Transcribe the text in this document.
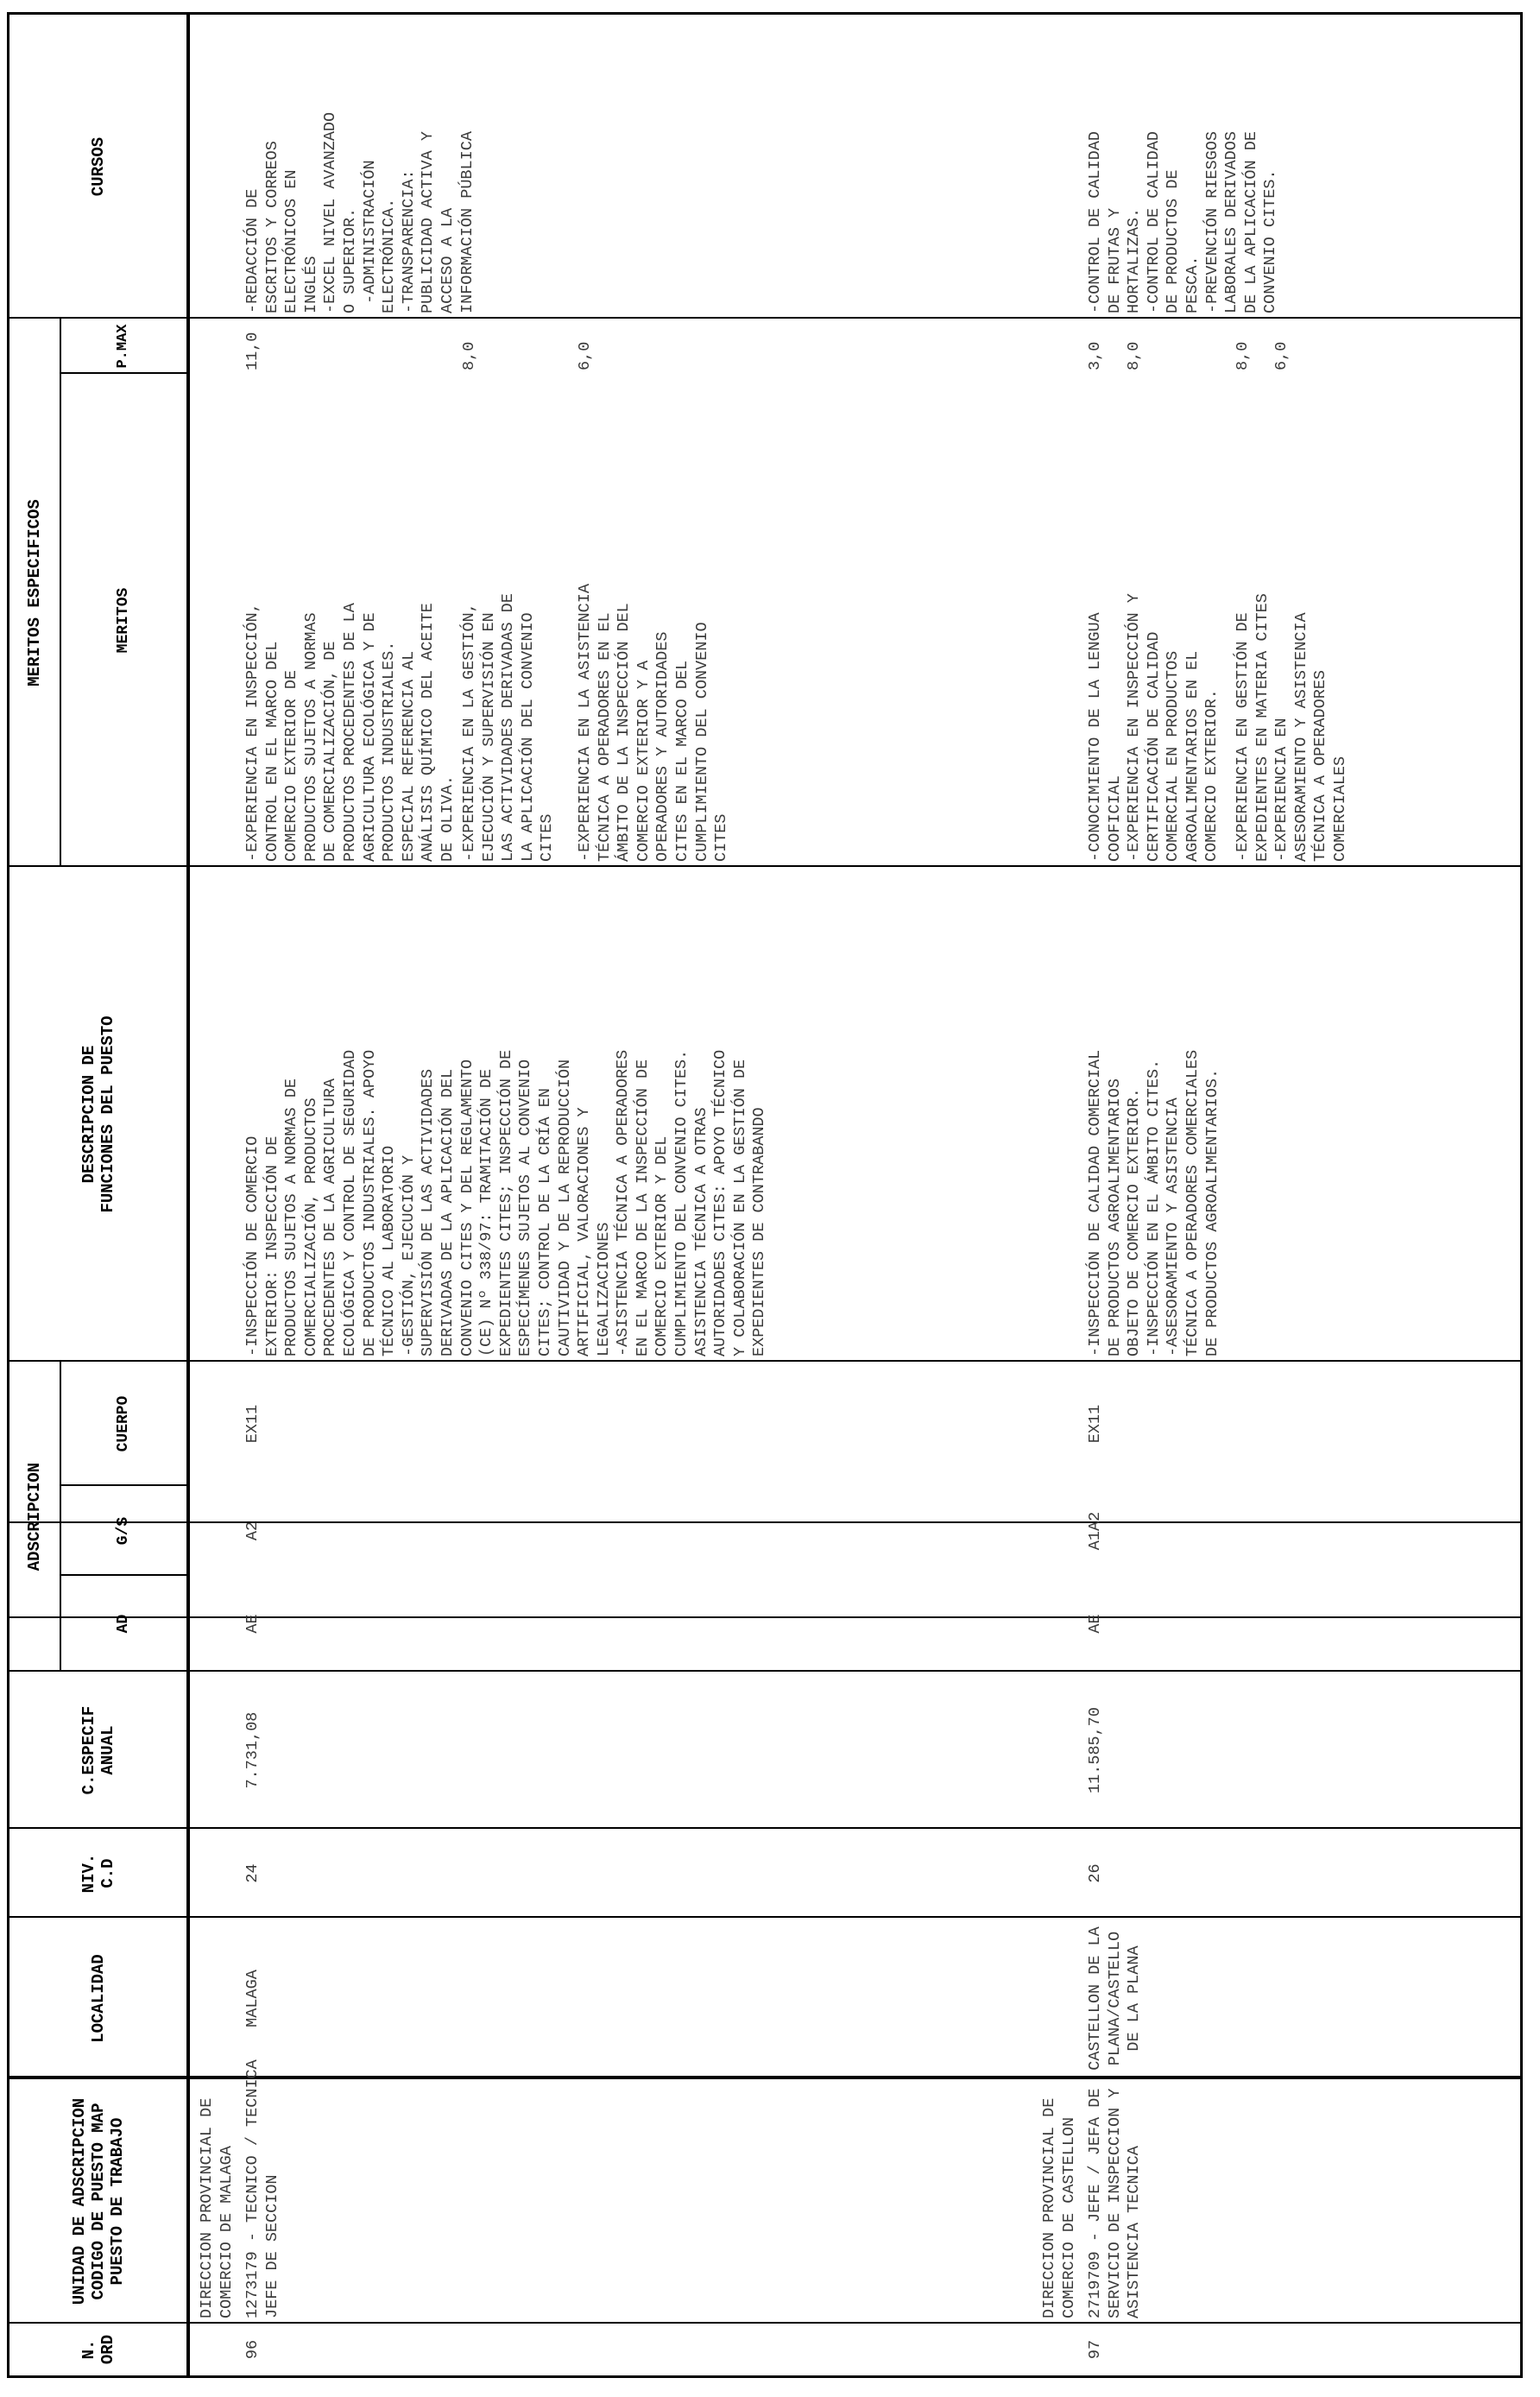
N.
ORD
UNIDAD DE ADSCRIPCION
CODIGO DE PUESTO MAP
PUESTO DE TRABAJO
LOCALIDAD
NIV.
C.D
C.ESPECIF
ANUAL
ADSCRIPCION
CUERPO
G/S
AD
DESCRIPCION DE
FUNCIONES DEL PUESTO
MERITOS ESPECIFICOS	MERITOS
P.MAX
CURSOS
DIRECCION PROVINCIAL DE
COMERCIO DE MALAGA
96
1273179 - TECNICO / TECNICA
JEFE DE SECCION
MALAGA
24
7.731,08
AE
A2
EX11
-INSPECCIÓN DE COMERCIO
EXTERIOR: INSPECCIÓN DE
PRODUCTOS SUJETOS A NORMAS DE
COMERCIALIZACIÓN, PRODUCTOS
PROCEDENTES DE LA AGRICULTURA
ECOLÓGICA Y CONTROL DE SEGURIDAD
DE PRODUCTOS INDUSTRIALES. APOYO
TÉCNICO AL LABORATORIO
-GESTIÓN, EJECUCIÓN Y
SUPERVISIÓN DE LAS ACTIVIDADES
DERIVADAS DE LA APLICACIÓN DEL
CONVENIO CITES Y DEL REGLAMENTO
(CE) Nº 338/97: TRAMITACIÓN DE
EXPEDIENTES CITES; INSPECCIÓN DE
ESPECÍMENES SUJETOS AL CONVENIO
CITES; CONTROL DE LA CRÍA EN
CAUTIVIDAD Y DE LA REPRODUCCIÓN
ARTIFICIAL, VALORACIONES Y
LEGALIZACIONES
-ASISTENCIA TÉCNICA A OPERADORES
EN EL MARCO DE LA INSPECCIÓN DE
COMERCIO EXTERIOR Y DEL
CUMPLIMIENTO DEL CONVENIO CITES.
ASISTENCIA TÉCNICA A OTRAS
AUTORIDADES CITES: APOYO TÉCNICO
Y COLABORACIÓN EN LA GESTIÓN DE
EXPEDIENTES DE CONTRABANDO
-EXPERIENCIA EN INSPECCIÓN,
CONTROL EN EL MARCO DEL
COMERCIO EXTERIOR DE
PRODUCTOS SUJETOS A NORMAS
DE COMERCIALIZACIÓN, DE
PRODUCTOS PROCEDENTES DE LA
AGRICULTURA ECOLÓGICA Y DE
PRODUCTOS INDUSTRIALES.
ESPECIAL REFERENCIA AL
ANÁLISIS QUÍMICO DEL ACEITE
DE OLIVA.
11,0
-EXPERIENCIA EN LA GESTIÓN,
EJECUCIÓN Y SUPERVISIÓN EN
LAS ACTIVIDADES DERIVADAS DE
LA APLICACIÓN DEL CONVENIO
CITES
8,0
-EXPERIENCIA EN LA ASISTENCIA
TÉCNICA A OPERADORES EN EL
ÁMBITO DE LA INSPECCIÓN DEL
COMERCIO EXTERIOR Y A
OPERADORES Y AUTORIDADES
CITES EN EL MARCO DEL
CUMPLIMIENTO DEL CONVENIO
CITES
6,0
-REDACCIÓN DE
ESCRITOS Y CORREOS
ELECTRÓNICOS EN
INGLÉS
-EXCEL NIVEL AVANZADO
O SUPERIOR.
-ADMINISTRACIÓN
ELECTRÓNICA.
-TRANSPARENCIA:
PUBLICIDAD ACTIVA Y
ACCESO A LA
INFORMACIÓN PÚBLICA
DIRECCION PROVINCIAL DE
COMERCIO DE CASTELLON
97
2719709 - JEFE / JEFA DE
SERVICIO DE INSPECCION Y
ASISTENCIA TECNICA
CASTELLON DE LA
PLANA/CASTELLO
DE LA PLANA
26
11.585,70
AE
A1A2
EX11
-INSPECCIÓN DE CALIDAD COMERCIAL
DE PRODUCTOS AGROALIMENTARIOS
OBJETO DE COMERCIO EXTERIOR.
-INSPECCIÓN EN EL ÁMBITO CITES.
-ASESORAMIENTO Y ASISTENCIA
TÉCNICA A OPERADORES COMERCIALES
DE PRODUCTOS AGROALIMENTARIOS.
-CONOCIMIENTO DE LA LENGUA
COOFICIAL
3,0
-EXPERIENCIA EN INSPECCIÓN Y
CERTIFICACIÓN DE CALIDAD
COMERCIAL EN PRODUCTOS
AGROALIMENTARIOS EN EL
COMERCIO EXTERIOR.
8,0
-EXPERIENCIA EN GESTIÓN DE
EXPEDIENTES EN MATERIA CITES
8,0
-EXPERIENCIA EN
ASESORAMIENTO Y ASISTENCIA
TÉCNICA A OPERADORES
COMERCIALES
6,0
-CONTROL DE CALIDAD
DE FRUTAS Y
HORTALIZAS.
-CONTROL DE CALIDAD
DE PRODUCTOS DE
PESCA.
-PREVENCIÓN RIESGOS
LABORALES DERIVADOS
DE LA APLICACIÓN DE
CONVENIO CITES.
